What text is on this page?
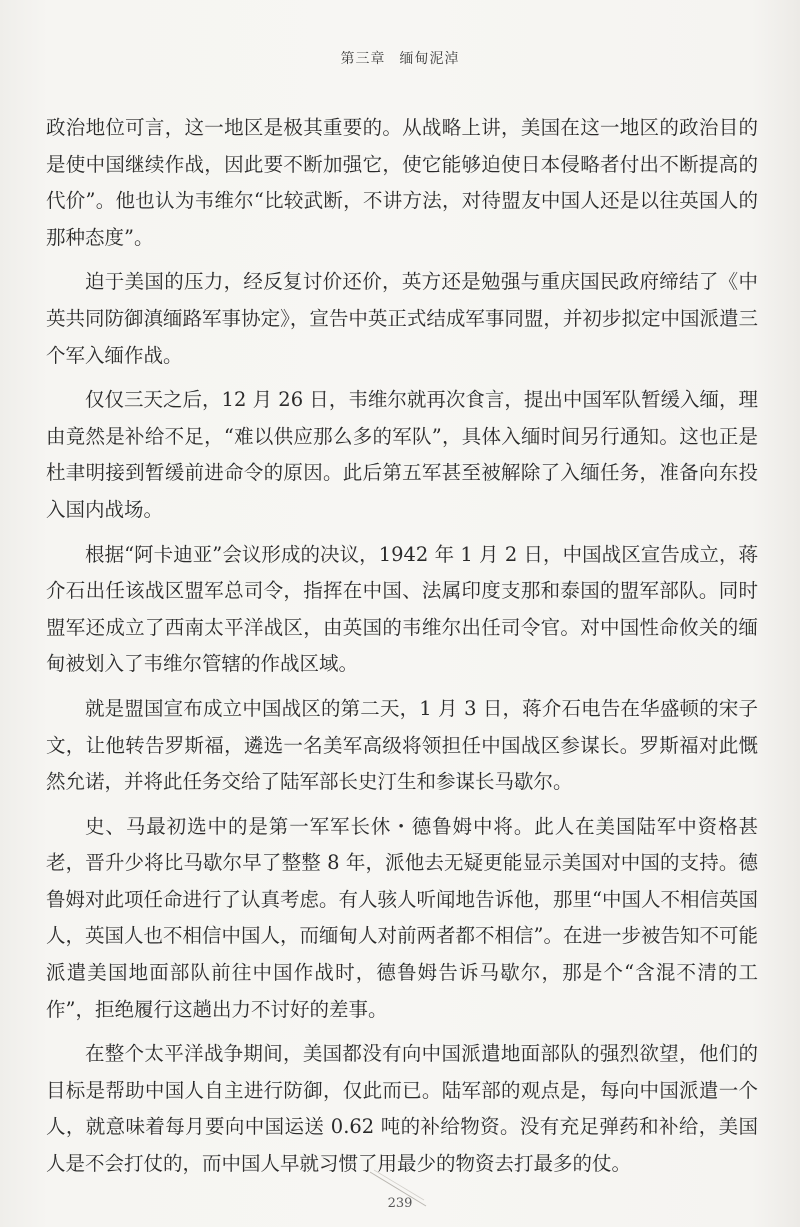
第三章 缅甸泥淖

政治地位可言，这一地区是极其重要的。从战略上讲，美国在这一地区的政治目的是使中国继续作战，因此要不断加强它，使它能够迫使日本侵略者付出不断提高的代价”。他也认为韦维尔“比较武断，不讲方法，对待盟友中国人还是以往英国人的那种态度”。

迫于美国的压力，经反复讨价还价，英方还是勉强与重庆国民政府缔结了《中英共同防御滇缅路军事协定》，宣告中英正式结成军事同盟，并初步拟定中国派遣三个军入缅作战。

仅仅三天之后，12 月 26 日，韦维尔就再次食言，提出中国军队暂缓入缅，理由竟然是补给不足，“难以供应那么多的军队”，具体入缅时间另行通知。这也正是杜聿明接到暂缓前进命令的原因。此后第五军甚至被解除了入缅任务，准备向东投入国内战场。

根据“阿卡迪亚”会议形成的决议，1942 年 1 月 2 日，中国战区宣告成立，蒋介石出任该战区盟军总司令，指挥在中国、法属印度支那和泰国的盟军部队。同时盟军还成立了西南太平洋战区，由英国的韦维尔出任司令官。对中国性命攸关的缅甸被划入了韦维尔管辖的作战区域。

就是盟国宣布成立中国战区的第二天，1 月 3 日，蒋介石电告在华盛顿的宋子文，让他转告罗斯福，遴选一名美军高级将领担任中国战区参谋长。罗斯福对此慨然允诺，并将此任务交给了陆军部长史汀生和参谋长马歇尔。

史、马最初选中的是第一军军长休・德鲁姆中将。此人在美国陆军中资格甚老，晋升少将比马歇尔早了整整 8 年，派他去无疑更能显示美国对中国的支持。德鲁姆对此项任命进行了认真考虑。有人骇人听闻地告诉他，那里“中国人不相信英国人，英国人也不相信中国人，而缅甸人对前两者都不相信”。在进一步被告知不可能派遣美国地面部队前往中国作战时，德鲁姆告诉马歇尔，那是个“含混不清的工作”，拒绝履行这趟出力不讨好的差事。

在整个太平洋战争期间，美国都没有向中国派遣地面部队的强烈欲望，他们的目标是帮助中国人自主进行防御，仅此而已。陆军部的观点是，每向中国派遣一个人，就意味着每月要向中国运送 0.62 吨的补给物资。没有充足弹药和补给，美国人是不会打仗的，而中国人早就习惯了用最少的物资去打最多的仗。

239
